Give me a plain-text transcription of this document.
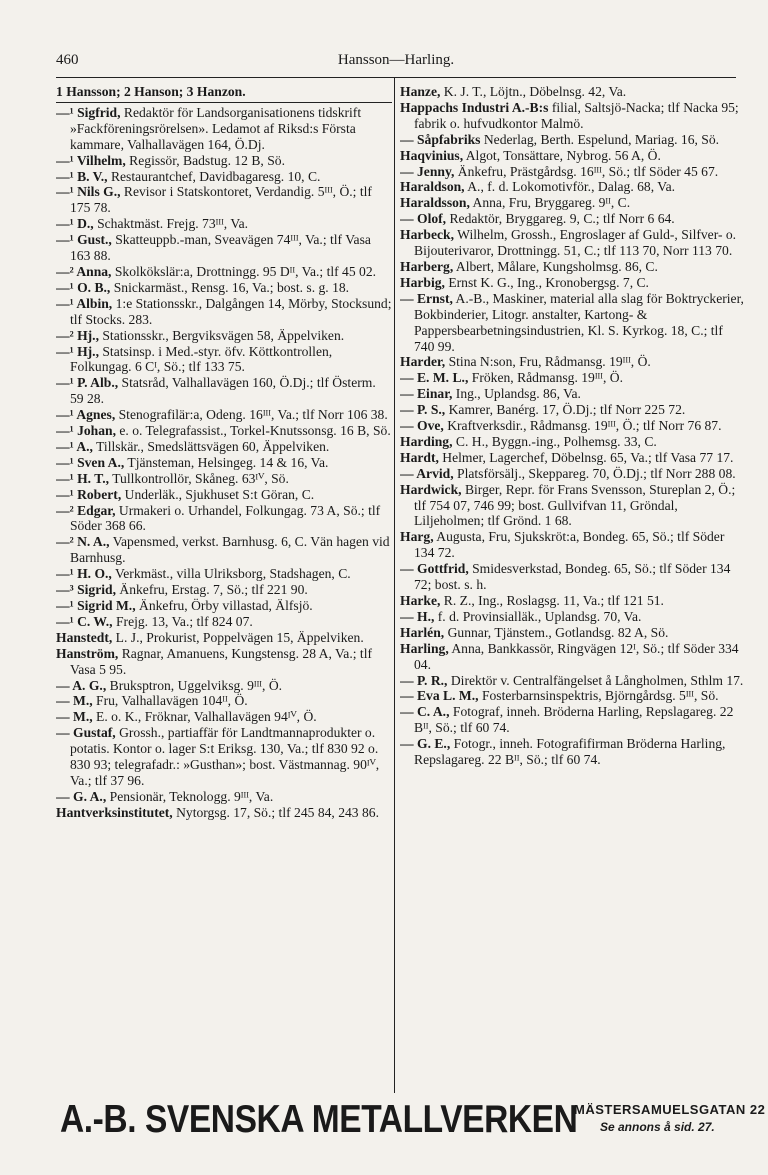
460	Hansson—Harling.

1 Hansson; 2 Hanson; 3 Hanzon.

—¹ Sigfrid, Redaktör för Landsorganisationens tidskrift »Fackföreningsrörelsen». Ledamot af Riksd:s Första kammare, Valhallavägen 164, Ö.Dj.

—¹ Vilhelm, Regissör, Badstug. 12 B, Sö.

—¹ B. V., Restaurantchef, Davidbagaresg. 10, C.

—¹ Nils G., Revisor i Statskontoret, Verdandig. 5ᴵᴵᴵ, Ö.; tlf 175 78.

—¹ D., Schaktmäst. Frejg. 73ᴵᴵᴵ, Va.

—¹ Gust., Skatteuppb.-man, Sveavägen 74ᴵᴵᴵ, Va.; tlf Vasa 163 88.

—² Anna, Skolkökslär:a, Drottningg. 95 Dᴵᴵ, Va.; tlf 45 02.

—¹ O. B., Snickarmäst., Rensg. 16, Va.; bost. s. g. 18.

—¹ Albin, 1:e Stationsskr., Dalgången 14, Mörby, Stocksund; tlf Stocks. 283.

—² Hj., Stationsskr., Bergviksvägen 58, Äppelviken.

—¹ Hj., Statsinsp. i Med.-styr. öfv. Köttkontrollen, Folkungag. 6 Cᴵ, Sö.; tlf 133 75.

—¹ P. Alb., Statsråd, Valhallavägen 160, Ö.Dj.; tlf Österm. 59 28.

—¹ Agnes, Stenografilär:a, Odeng. 16ᴵᴵᴵ, Va.; tlf Norr 106 38.

—¹ Johan, e. o. Telegrafassist., Torkel-Knutssonsg. 16 B, Sö.

—¹ A., Tillskär., Smedslättsvägen 60, Äppelviken.

—¹ Sven A., Tjänsteman, Helsingeg. 14 & 16, Va.

—¹ H. T., Tullkontrollör, Skåneg. 63ᴵⱽ, Sö.

—¹ Robert, Underläk., Sjukhuset S:t Göran, C.

—² Edgar, Urmakeri o. Urhandel, Folkungag. 73 A, Sö.; tlf Söder 368 66.

—² N. A., Vapensmed, verkst. Barnhusg. 6, C. Vän hagen vid Barnhusg.

—¹ H. O., Verkmäst., villa Ulriksborg, Stadshagen, C.

—³ Sigrid, Änkefru, Erstag. 7, Sö.; tlf 221 90.

—¹ Sigrid M., Änkefru, Örby villastad, Älfsjö.

—¹ C. W., Frejg. 13, Va.; tlf 824 07.

Hanstedt, L. J., Prokurist, Poppelvägen 15, Äppelviken.

Hanström, Ragnar, Amanuens, Kungstensg. 28 A, Va.; tlf Vasa 5 95.

— A. G., Bruksptron, Uggelviksg. 9ᴵᴵᴵ, Ö.

— M., Fru, Valhallavägen 104ᴵᴵ, Ö.

— M., E. o. K., Fröknar, Valhallavägen 94ᴵⱽ, Ö.

— Gustaf, Grossh., partiaffär för Landtmannaprodukter o. potatis. Kontor o. lager S:t Eriksg. 130, Va.; tlf 830 92 o. 830 93; telegrafadr.: »Gusthan»; bost. Västmannag. 90ᴵⱽ, Va.; tlf 37 96.

— G. A., Pensionär, Teknologg. 9ᴵᴵᴵ, Va.

Hantverksinstitutet, Nytorgsg. 17, Sö.; tlf 245 84, 243 86.

Hanze, K. J. T., Löjtn., Döbelnsg. 42, Va.

Happachs Industri A.-B:s filial, Saltsjö-Nacka; tlf Nacka 95; fabrik o. hufvudkontor Malmö.

— Såpfabriks Nederlag, Berth. Espelund, Mariag. 16, Sö.

Haqvinius, Algot, Tonsättare, Nybrog. 56 A, Ö.

— Jenny, Änkefru, Prästgårdsg. 16ᴵᴵᴵ, Sö.; tlf Söder 45 67.

Haraldson, A., f. d. Lokomotivför., Dalag. 68, Va.

Haraldsson, Anna, Fru, Bryggareg. 9ᴵᴵ, C.

— Olof, Redaktör, Bryggareg. 9, C.; tlf Norr 6 64.

Harbeck, Wilhelm, Grossh., Engroslager af Guld-, Silfver- o. Bijouterivaror, Drottningg. 51, C.; tlf 113 70, Norr 113 70.

Harberg, Albert, Målare, Kungsholmsg. 86, C.

Harbig, Ernst K. G., Ing., Kronobergsg. 7, C.

— Ernst, A.-B., Maskiner, material alla slag för Boktryckerier, Bokbinderier, Litogr. anstalter, Kartong- & Pappersbearbetningsindustrien, Kl. S. Kyrkog. 18, C.; tlf 740 99.

Harder, Stina N:son, Fru, Rådmansg. 19ᴵᴵᴵ, Ö.

— E. M. L., Fröken, Rådmansg. 19ᴵᴵᴵ, Ö.

— Einar, Ing., Uplandsg. 86, Va.

— P. S., Kamrer, Banérg. 17, Ö.Dj.; tlf Norr 225 72.

— Ove, Kraftverksdir., Rådmansg. 19ᴵᴵᴵ, Ö.; tlf Norr 76 87.

Harding, C. H., Byggn.-ing., Polhemsg. 33, C.

Hardt, Helmer, Lagerchef, Döbelnsg. 65, Va.; tlf Vasa 77 17.

— Arvid, Platsförsälj., Skeppareg. 70, Ö.Dj.; tlf Norr 288 08.

Hardwick, Birger, Repr. för Frans Svensson, Stureplan 2, Ö.; tlf 754 07, 746 99; bost. Gullvifvan 11, Gröndal, Liljeholmen; tlf Grönd. 1 68.

Harg, Augusta, Fru, Sjukskröt:a, Bondeg. 65, Sö.; tlf Söder 134 72.

— Gottfrid, Smidesverkstad, Bondeg. 65, Sö.; tlf Söder 134 72; bost. s. h.

Harke, R. Z., Ing., Roslagsg. 11, Va.; tlf 121 51.

— H., f. d. Provinsialläk., Uplandsg. 70, Va.

Harlén, Gunnar, Tjänstem., Gotlandsg. 82 A, Sö.

Harling, Anna, Bankkassör, Ringvägen 12ᴵ, Sö.; tlf Söder 334 04.

— P. R., Direktör v. Centralfängelset å Långholmen, Sthlm 17.

— Eva L. M., Fosterbarnsinspektris, Björngårdsg. 5ᴵᴵᴵ, Sö.

— C. A., Fotograf, inneh. Bröderna Harling, Repslagareg. 22 Bᴵᴵ, Sö.; tlf 60 74.

— G. E., Fotogr., inneh. Fotografifirman Bröderna Harling, Repslagareg. 22 Bᴵᴵ, Sö.; tlf 60 74.

A.-B. SVENSKA METALLVERKEN
MÄSTERSAMUELSGATAN 22
Se annons å sid. 27.
